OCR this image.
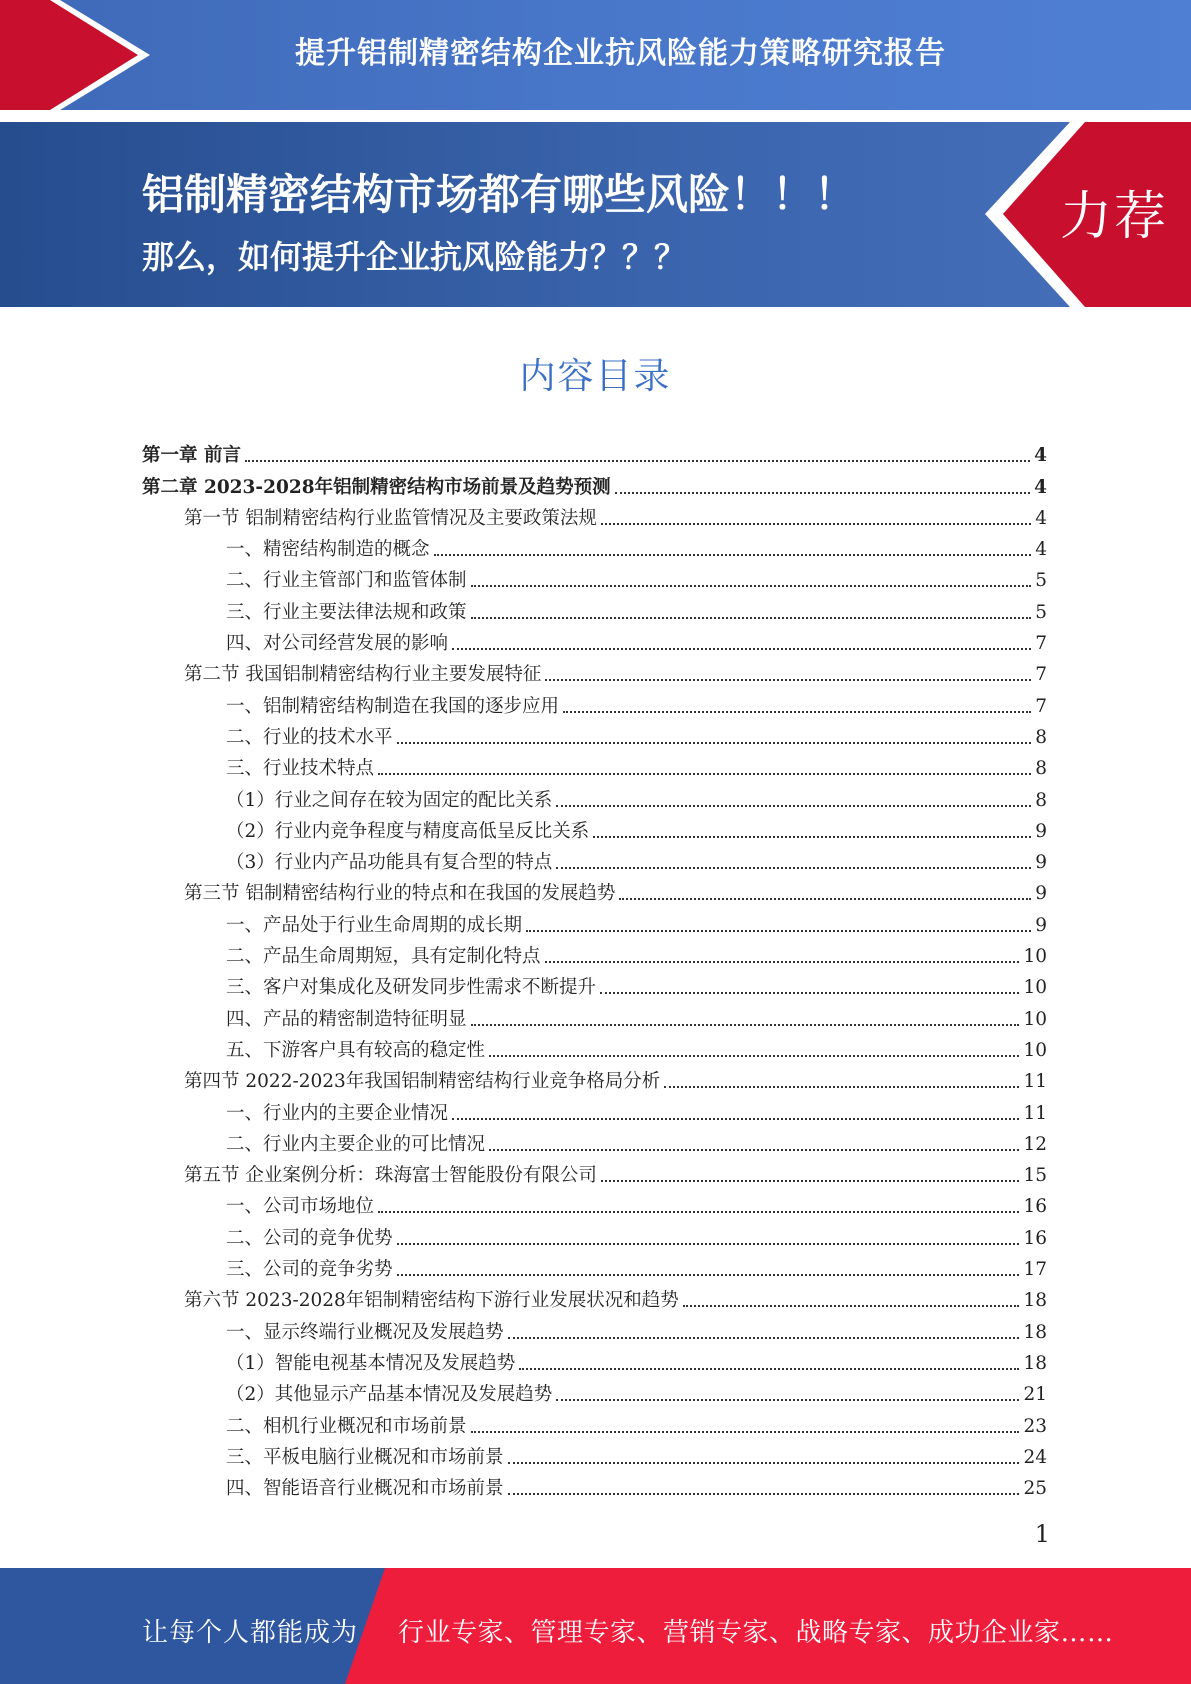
提升铝制精密结构企业抗风险能力策略研究报告
铝制精密结构市场都有哪些风险！！！
那么，如何提升企业抗风险能力？？？
力荐
内容目录
第一章 前言	4
第二章 2023-2028年铝制精密结构市场前景及趋势预测	4
第一节 铝制精密结构行业监管情况及主要政策法规	4
一、精密结构制造的概念	4
二、行业主管部门和监管体制	5
三、行业主要法律法规和政策	5
四、对公司经营发展的影响	7
第二节 我国铝制精密结构行业主要发展特征	7
一、铝制精密结构制造在我国的逐步应用	7
二、行业的技术水平	8
三、行业技术特点	8
（1）行业之间存在较为固定的配比关系	8
（2）行业内竞争程度与精度高低呈反比关系	9
（3）行业内产品功能具有复合型的特点	9
第三节 铝制精密结构行业的特点和在我国的发展趋势	9
一、产品处于行业生命周期的成长期	9
二、产品生命周期短，具有定制化特点	10
三、客户对集成化及研发同步性需求不断提升	10
四、产品的精密制造特征明显	10
五、下游客户具有较高的稳定性	10
第四节 2022-2023年我国铝制精密结构行业竞争格局分析	11
一、行业内的主要企业情况	11
二、行业内主要企业的可比情况	12
第五节 企业案例分析：珠海富士智能股份有限公司	15
一、公司市场地位	16
二、公司的竞争优势	16
三、公司的竞争劣势	17
第六节 2023-2028年铝制精密结构下游行业发展状况和趋势	18
一、显示终端行业概况及发展趋势	18
（1）智能电视基本情况及发展趋势	18
（2）其他显示产品基本情况及发展趋势	21
二、相机行业概况和市场前景	23
三、平板电脑行业概况和市场前景	24
四、智能语音行业概况和市场前景	25
1
让每个人都能成为 行业专家、管理专家、营销专家、战略专家、成功企业家……
